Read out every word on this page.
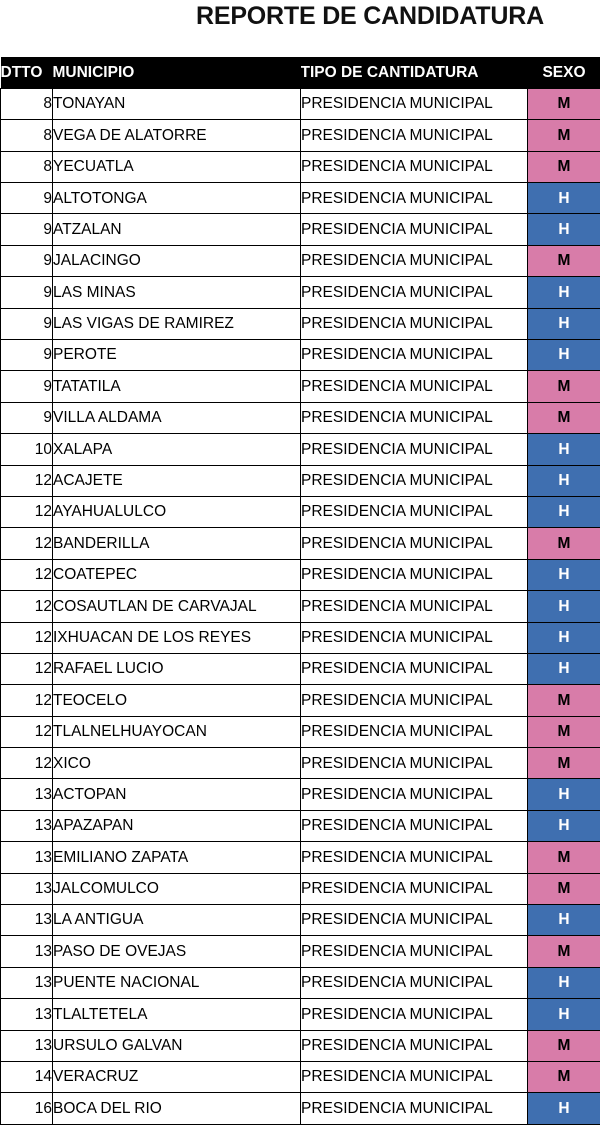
REPORTE DE CANDIDATURA
DTTO	MUNICIPIO	TIPO DE CANTIDATURA	SEXO
8	TONAYAN	PRESIDENCIA MUNICIPAL	M
8	VEGA DE ALATORRE	PRESIDENCIA MUNICIPAL	M
8	YECUATLA	PRESIDENCIA MUNICIPAL	M
9	ALTOTONGA	PRESIDENCIA MUNICIPAL	H
9	ATZALAN	PRESIDENCIA MUNICIPAL	H
9	JALACINGO	PRESIDENCIA MUNICIPAL	M
9	LAS MINAS	PRESIDENCIA MUNICIPAL	H
9	LAS VIGAS DE RAMIREZ	PRESIDENCIA MUNICIPAL	H
9	PEROTE	PRESIDENCIA MUNICIPAL	H
9	TATATILA	PRESIDENCIA MUNICIPAL	M
9	VILLA ALDAMA	PRESIDENCIA MUNICIPAL	M
10	XALAPA	PRESIDENCIA MUNICIPAL	H
12	ACAJETE	PRESIDENCIA MUNICIPAL	H
12	AYAHUALULCO	PRESIDENCIA MUNICIPAL	H
12	BANDERILLA	PRESIDENCIA MUNICIPAL	M
12	COATEPEC	PRESIDENCIA MUNICIPAL	H
12	COSAUTLAN DE CARVAJAL	PRESIDENCIA MUNICIPAL	H
12	IXHUACAN DE LOS REYES	PRESIDENCIA MUNICIPAL	H
12	RAFAEL LUCIO	PRESIDENCIA MUNICIPAL	H
12	TEOCELO	PRESIDENCIA MUNICIPAL	M
12	TLALNELHUAYOCAN	PRESIDENCIA MUNICIPAL	M
12	XICO	PRESIDENCIA MUNICIPAL	M
13	ACTOPAN	PRESIDENCIA MUNICIPAL	H
13	APAZAPAN	PRESIDENCIA MUNICIPAL	H
13	EMILIANO ZAPATA	PRESIDENCIA MUNICIPAL	M
13	JALCOMULCO	PRESIDENCIA MUNICIPAL	M
13	LA ANTIGUA	PRESIDENCIA MUNICIPAL	H
13	PASO DE OVEJAS	PRESIDENCIA MUNICIPAL	M
13	PUENTE NACIONAL	PRESIDENCIA MUNICIPAL	H
13	TLALTETELA	PRESIDENCIA MUNICIPAL	H
13	URSULO GALVAN	PRESIDENCIA MUNICIPAL	M
14	VERACRUZ	PRESIDENCIA MUNICIPAL	M
16	BOCA DEL RIO	PRESIDENCIA MUNICIPAL	H
